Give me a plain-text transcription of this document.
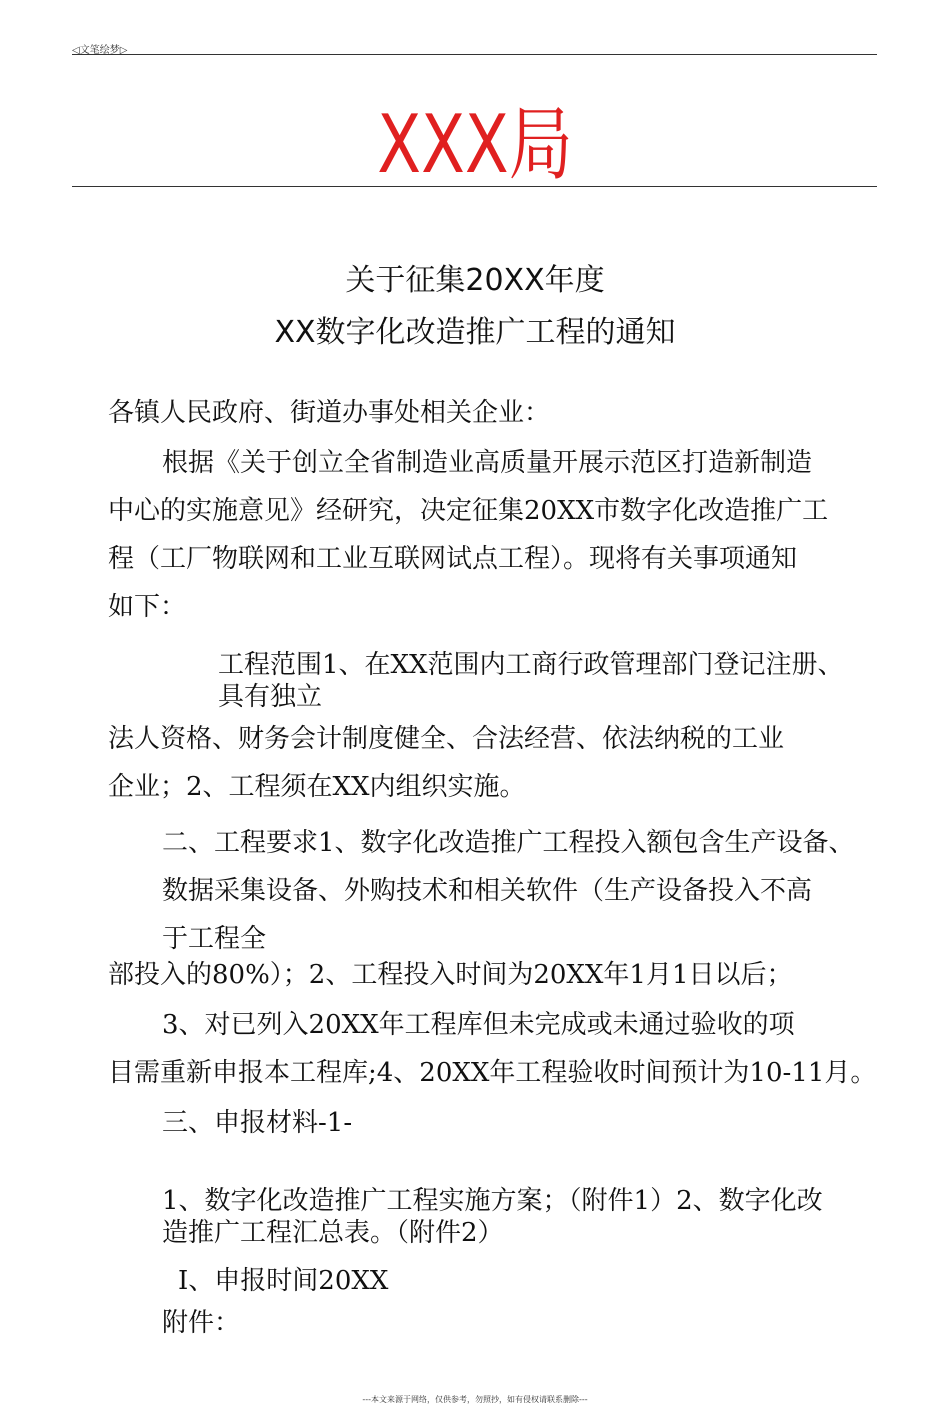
◁文笔绘梦▷
XXX局
关于征集20XX年度
XX数字化改造推广工程的通知
各镇人民政府、街道办事处相关企业：
根据《关于创立全省制造业高质量开展示范区打造新制造
中心的实施意见》经研究，决定征集20XX市数字化改造推广工
程（工厂物联网和工业互联网试点工程）。现将有关事项通知
如下：
工程范围1、在XX范围内工商行政管理部门登记注册、
具有独立
法人资格、财务会计制度健全、合法经营、依法纳税的工业
企业；2、工程须在XX内组织实施。
二、工程要求1、数字化改造推广工程投入额包含生产设备、
数据采集设备、外购技术和相关软件（生产设备投入不高
于工程全
部投入的80%）；2、工程投入时间为20XX年1月1日以后；
3、对已列入20XX年工程库但未完成或未通过验收的项
目需重新申报本工程库;4、20XX年工程验收时间预计为10-11月。
三、申报材料-1-
1、数字化改造推广工程实施方案；（附件1）2、数字化改
造推广工程汇总表。（附件2）
I、申报时间20XX
附件：
---本文来源于网络，仅供参考，勿照抄，如有侵权请联系删除---
